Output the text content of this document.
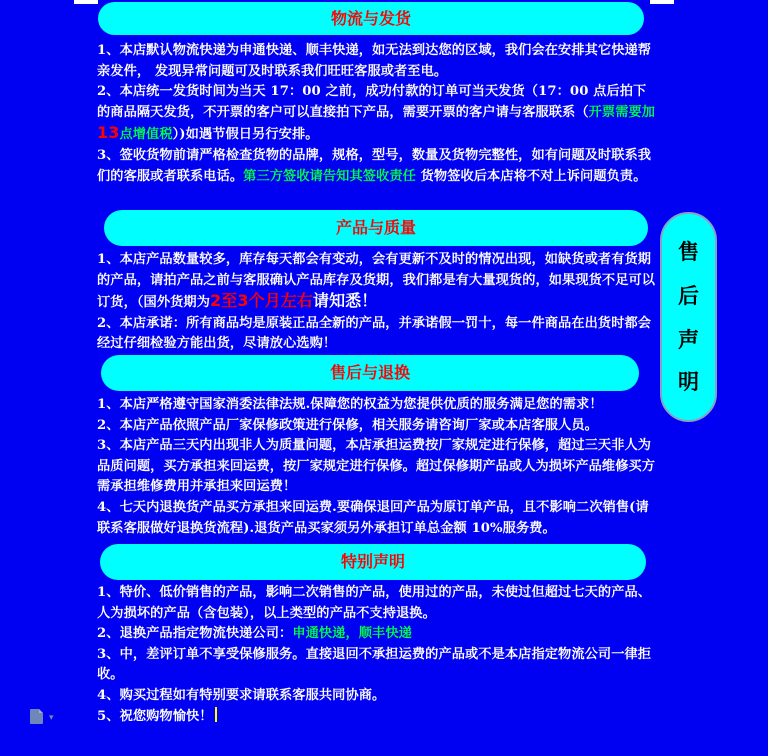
物流与发货

1、本店默认物流快递为申通快递、顺丰快递，如无法到达您的区域，我们会在安排其它快递帮亲发件， 发现异常问题可及时联系我们旺旺客服或者至电。

2、本店统一发货时间为当天 17：00 之前，成功付款的订单可当天发货（17：00 点后拍下的商品隔天发货，不开票的客户可以直接拍下产品，需要开票的客户请与客服联系（开票需要加13点增值税）)如遇节假日另行安排。

3、签收货物前请严格检查货物的品牌，规格，型号，数量及货物完整性，如有问题及时联系我们的客服或者联系电话。第三方签收请告知其签收责任 货物签收后本店将不对上诉问题负责。

产品与质量

1、本店产品数量较多，库存每天都会有变动，会有更新不及时的情况出现，如缺货或者有货期的产品，请拍产品之前与客服确认产品库存及货期，我们都是有大量现货的，如果现货不足可以订货，（国外货期为2至3个月左右请知悉！

2、本店承诺：所有商品均是原装正品全新的产品，并承诺假一罚十，每一件商品在出货时都会经过仔细检验方能出货，尽请放心选购！

售后与退换

1、本店严格遵守国家消委法律法规.保障您的权益为您提供优质的服务满足您的需求！

2、本店产品依照产品厂家保修政策进行保修，相关服务请咨询厂家或本店客服人员。

3、本店产品三天内出现非人为质量问题，本店承担运费按厂家规定进行保修，超过三天非人为品质问题，买方承担来回运费，按厂家规定进行保修。超过保修期产品或人为损坏产品维修买方需承担维修费用并承担来回运费！

4、七天内退换货产品买方承担来回运费.要确保退回产品为原订单产品，且不影响二次销售(请联系客服做好退换货流程).退货产品买家须另外承担订单总金额 10%服务费。

特别声明

1、特价、低价销售的产品，影响二次销售的产品，使用过的产品，未使过但超过七天的产品、人为损坏的产品（含包装），以上类型的产品不支持退换。

2、退换产品指定物流快递公司：申通快递，顺丰快递

3、中，差评订单不享受保修服务。直接退回不承担运费的产品或不是本店指定物流公司一律拒收。

4、购买过程如有特别要求请联系客服共同协商。

5、祝您购物愉快！

售
后
声
明
▾
